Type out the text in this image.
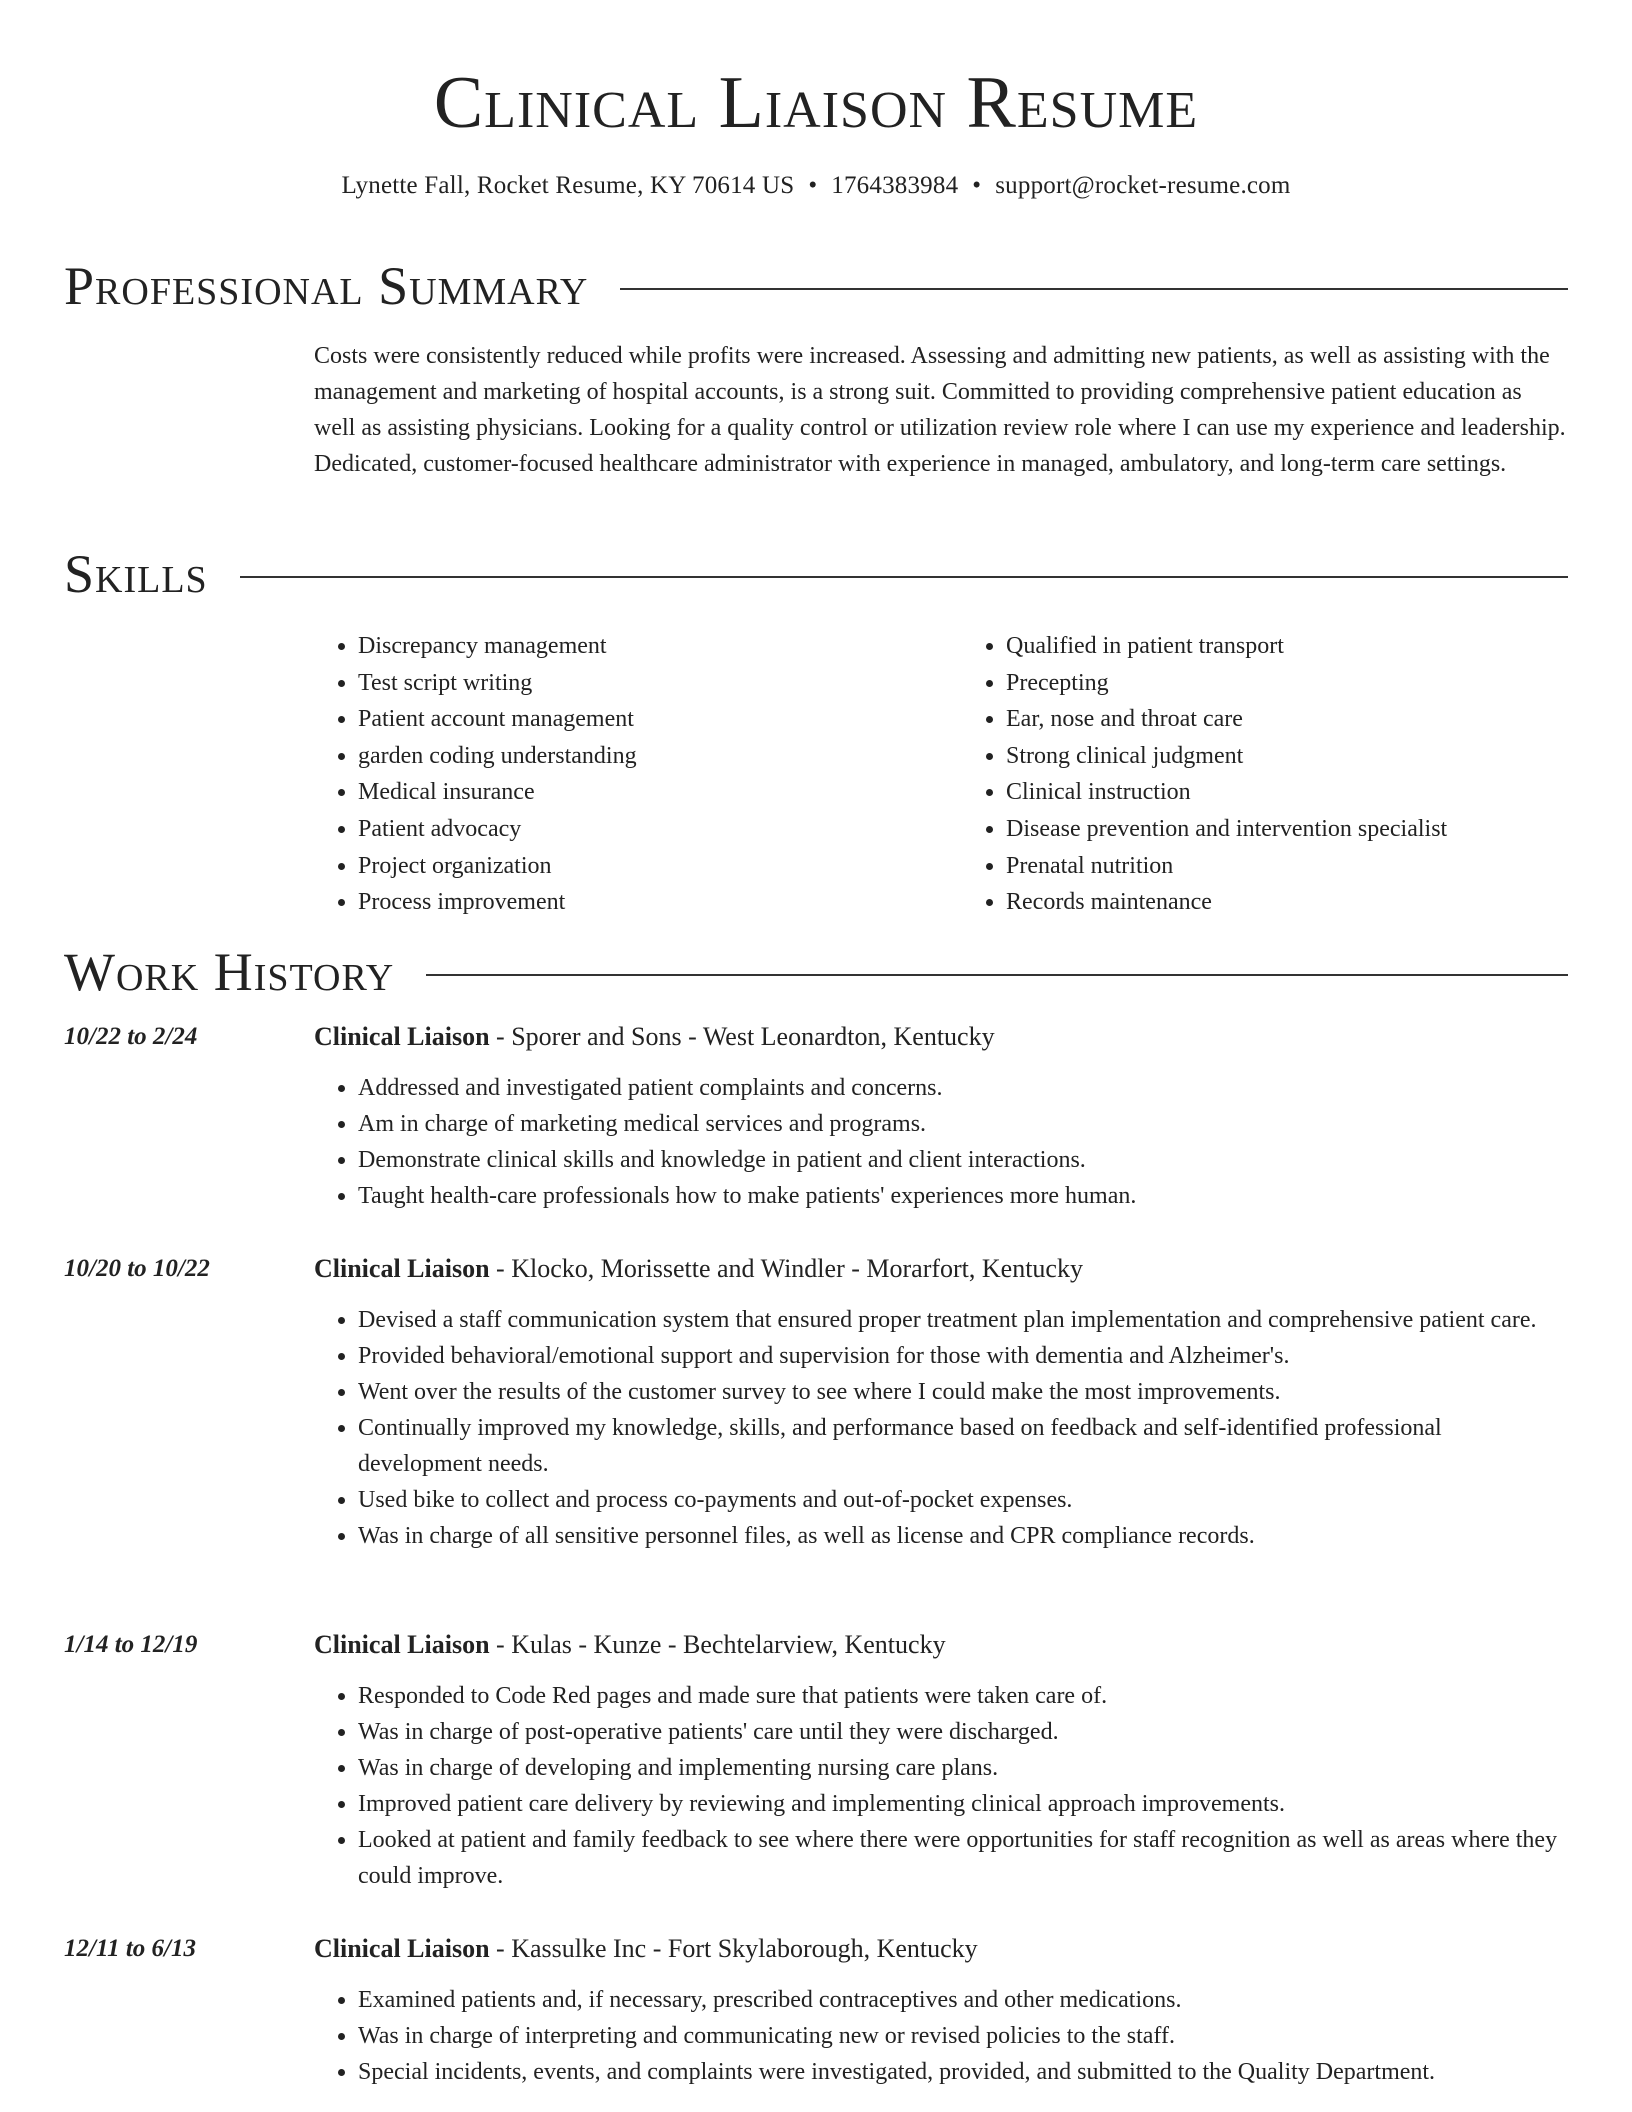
Clinical Liaison Resume
Lynette Fall, Rocket Resume, KY 70614 US • 1764383984 • support@rocket-resume.com
Professional Summary

Costs were consistently reduced while profits were increased. Assessing and admitting new patients, as well as assisting with the management and marketing of hospital accounts, is a strong suit. Committed to providing comprehensive patient education as well as assisting physicians. Looking for a quality control or utilization review role where I can use my experience and leadership. Dedicated, customer-focused healthcare administrator with experience in managed, ambulatory, and long-term care settings.

Skills
• Discrepancy management
• Test script writing
• Patient account management
• garden coding understanding
• Medical insurance
• Patient advocacy
• Project organization
• Process improvement
• Qualified in patient transport
• Precepting
• Ear, nose and throat care
• Strong clinical judgment
• Clinical instruction
• Disease prevention and intervention specialist
• Prenatal nutrition
• Records maintenance
Work History
10/22 to 2/24	Clinical Liaison - Sporer and Sons - West Leonardton, Kentucky
• Addressed and investigated patient complaints and concerns.
• Am in charge of marketing medical services and programs.
• Demonstrate clinical skills and knowledge in patient and client interactions.
• Taught health-care professionals how to make patients' experiences more human.
10/20 to 10/22	Clinical Liaison - Klocko, Morissette and Windler - Morarfort, Kentucky
• Devised a staff communication system that ensured proper treatment plan implementation and comprehensive patient care.
• Provided behavioral/emotional support and supervision for those with dementia and Alzheimer's.
• Went over the results of the customer survey to see where I could make the most improvements.
• Continually improved my knowledge, skills, and performance based on feedback and self-identified professional development needs.
• Used bike to collect and process co-payments and out-of-pocket expenses.
• Was in charge of all sensitive personnel files, as well as license and CPR compliance records.
1/14 to 12/19	Clinical Liaison - Kulas - Kunze - Bechtelarview, Kentucky
• Responded to Code Red pages and made sure that patients were taken care of.
• Was in charge of post-operative patients' care until they were discharged.
• Was in charge of developing and implementing nursing care plans.
• Improved patient care delivery by reviewing and implementing clinical approach improvements.
• Looked at patient and family feedback to see where there were opportunities for staff recognition as well as areas where they could improve.
12/11 to 6/13	Clinical Liaison - Kassulke Inc - Fort Skylaborough, Kentucky
• Examined patients and, if necessary, prescribed contraceptives and other medications.
• Was in charge of interpreting and communicating new or revised policies to the staff.
• Special incidents, events, and complaints were investigated, provided, and submitted to the Quality Department.
